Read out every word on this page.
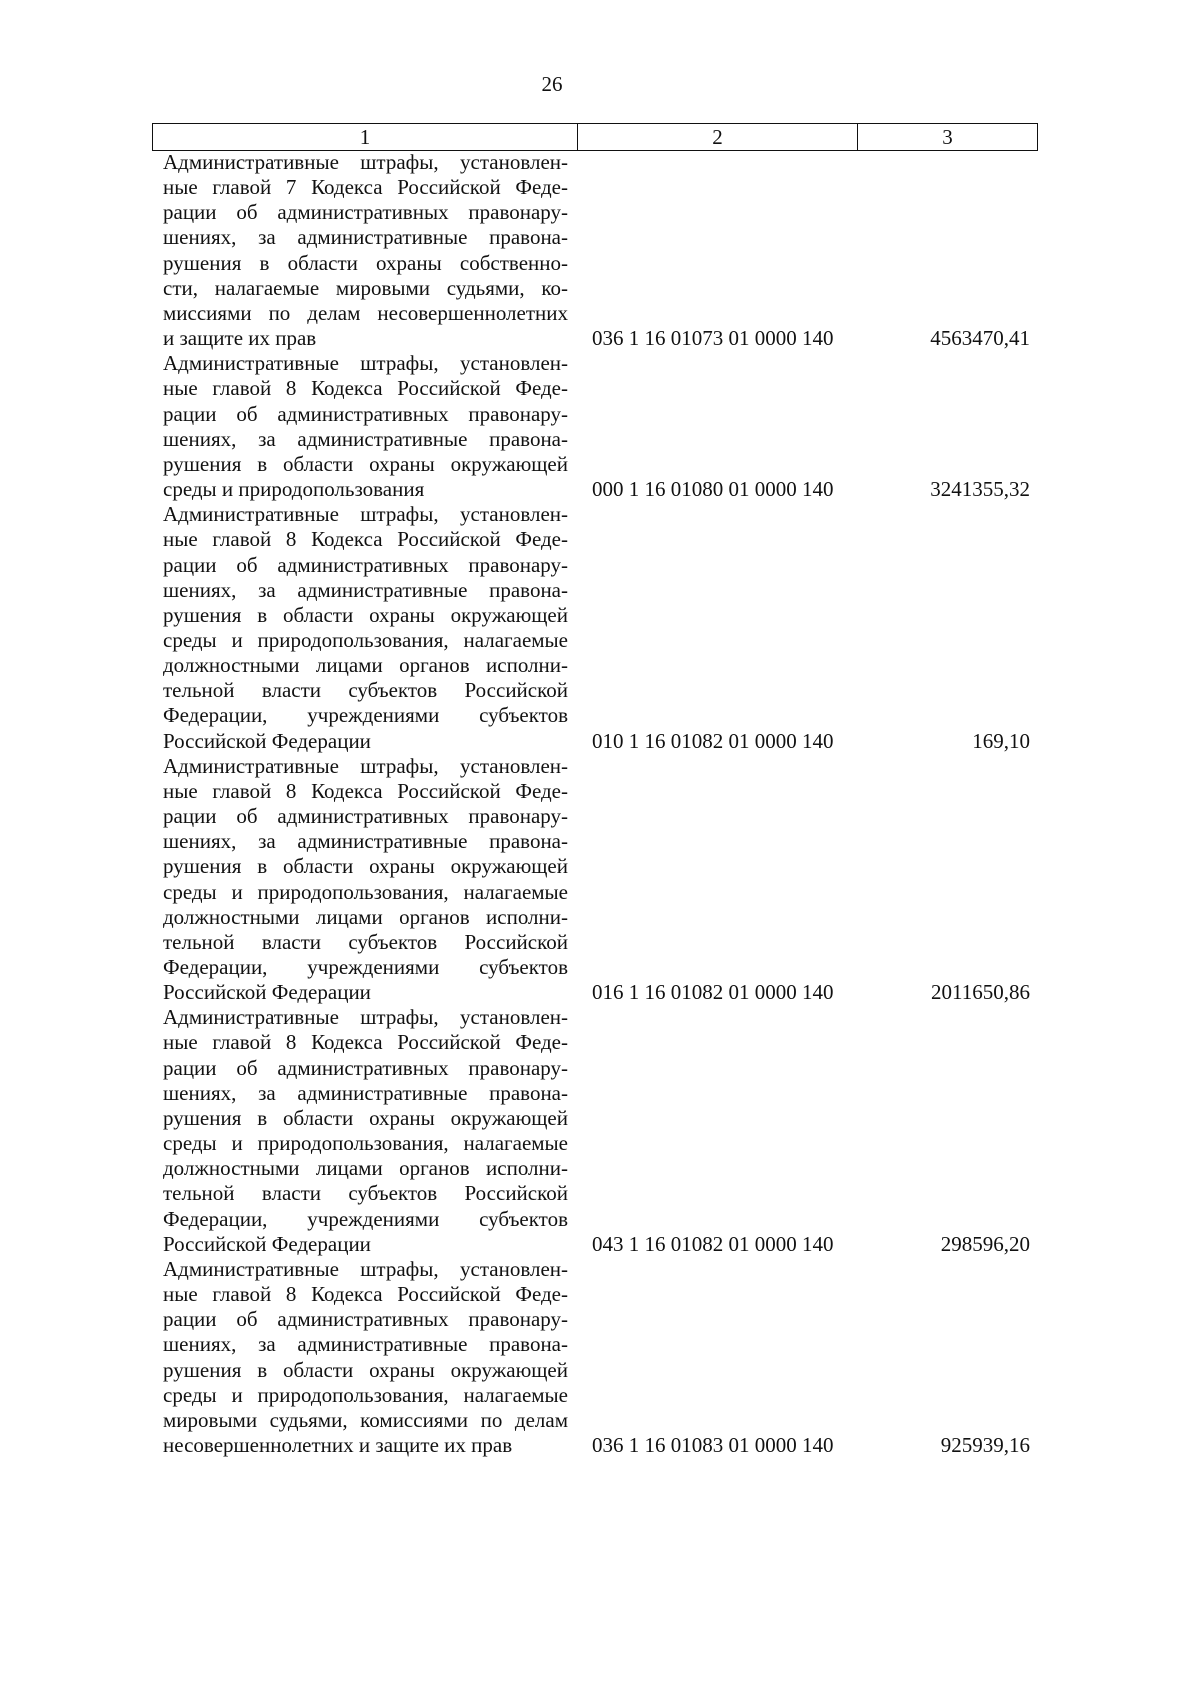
26
1	2	3
Административные штрафы, установлен-
ные главой 7 Кодекса Российской Феде-
рации об административных правонару-
шениях, за административные правона-
рушения в области охраны собственно-
сти, налагаемые мировыми судьями, ко-
миссиями по делам несовершеннолетних
и защите их прав	036 1 16 01073 01 0000 140	4563470,41
Административные штрафы, установлен-
ные главой 8 Кодекса Российской Феде-
рации об административных правонару-
шениях, за административные правона-
рушения в области охраны окружающей
среды и природопользования	000 1 16 01080 01 0000 140	3241355,32
Административные штрафы, установлен-
ные главой 8 Кодекса Российской Феде-
рации об административных правонару-
шениях, за административные правона-
рушения в области охраны окружающей
среды и природопользования, налагаемые
должностными лицами органов исполни-
тельной власти субъектов Российской
Федерации, учреждениями субъектов
Российской Федерации	010 1 16 01082 01 0000 140	169,10
Административные штрафы, установлен-
ные главой 8 Кодекса Российской Феде-
рации об административных правонару-
шениях, за административные правона-
рушения в области охраны окружающей
среды и природопользования, налагаемые
должностными лицами органов исполни-
тельной власти субъектов Российской
Федерации, учреждениями субъектов
Российской Федерации	016 1 16 01082 01 0000 140	2011650,86
Административные штрафы, установлен-
ные главой 8 Кодекса Российской Феде-
рации об административных правонару-
шениях, за административные правона-
рушения в области охраны окружающей
среды и природопользования, налагаемые
должностными лицами органов исполни-
тельной власти субъектов Российской
Федерации, учреждениями субъектов
Российской Федерации	043 1 16 01082 01 0000 140	298596,20
Административные штрафы, установлен-
ные главой 8 Кодекса Российской Феде-
рации об административных правонару-
шениях, за административные правона-
рушения в области охраны окружающей
среды и природопользования, налагаемые
мировыми судьями, комиссиями по делам
несовершеннолетних и защите их прав	036 1 16 01083 01 0000 140	925939,16
